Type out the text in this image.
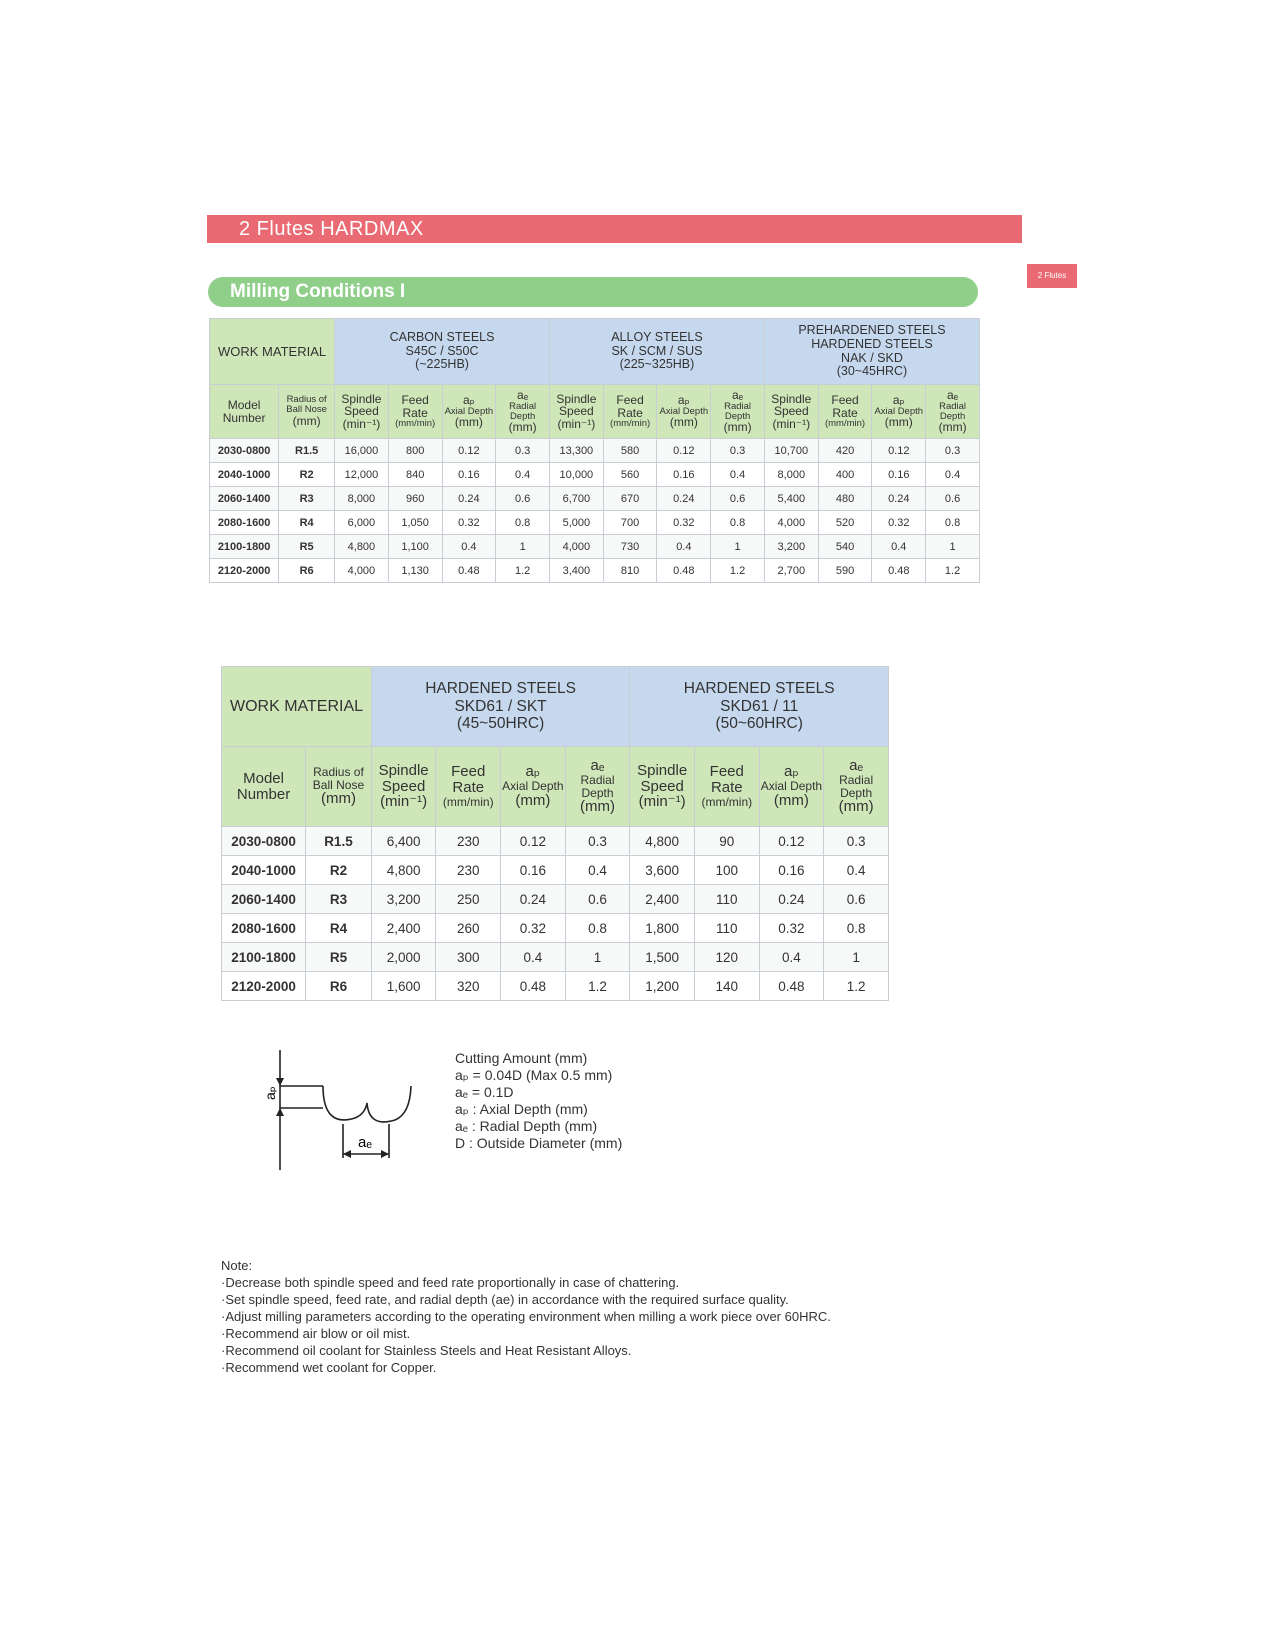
2 Flutes HARDMAX
2 Flutes
Milling Conditions I
WORK MATERIAL		CARBON STEELS
S45C / S50C
(~225HB)				ALLOY STEELS
SK / SCM / SUS
(225~325HB)				PREHARDENED STEELS
HARDENED STEELS
NAK / SKD
(30~45HRC)			

Model
Number	Radius of
Ball Nose
(mm)	Spindle
Speed
(min⁻¹)	Feed
Rate
(mm/min)	aₚ
Axial Depth
(mm)	aₑ
Radial Depth
(mm)	Spindle
Speed
(min⁻¹)	Feed
Rate
(mm/min)	aₚ
Axial Depth
(mm)	aₑ
Radial Depth
(mm)	Spindle
Speed
(min⁻¹)	Feed
Rate
(mm/min)	aₚ
Axial Depth
(mm)	aₑ
Radial Depth
(mm)

2030-0800	R1.5	16,000	800	0.12	0.3	13,300	580	0.12	0.3	10,700	420	0.12	0.3
2040-1000	R2	12,000	840	0.16	0.4	10,000	560	0.16	0.4	8,000	400	0.16	0.4
2060-1400	R3	8,000	960	0.24	0.6	6,700	670	0.24	0.6	5,400	480	0.24	0.6
2080-1600	R4	6,000	1,050	0.32	0.8	5,000	700	0.32	0.8	4,000	520	0.32	0.8
2100-1800	R5	4,800	1,100	0.4	1	4,000	730	0.4	1	3,200	540	0.4	1
2120-2000	R6	4,000	1,130	0.48	1.2	3,400	810	0.48	1.2	2,700	590	0.48	1.2
WORK MATERIAL		HARDENED STEELS
SKD61 / SKT
(45~50HRC)				HARDENED STEELS
SKD61 / 11
(50~60HRC)			

Model
Number	Radius of
Ball Nose
(mm)	Spindle
Speed
(min⁻¹)	Feed
Rate
(mm/min)	aₚ
Axial Depth
(mm)	aₑ
Radial Depth
(mm)	Spindle
Speed
(min⁻¹)	Feed
Rate
(mm/min)	aₚ
Axial Depth
(mm)	aₑ
Radial Depth
(mm)

2030-0800	R1.5	6,400	230	0.12	0.3	4,800	90	0.12	0.3
2040-1000	R2	4,800	230	0.16	0.4	3,600	100	0.16	0.4
2060-1400	R3	3,200	250	0.24	0.6	2,400	110	0.24	0.6
2080-1600	R4	2,400	260	0.32	0.8	1,800	110	0.32	0.8
2100-1800	R5	2,000	300	0.4	1	1,500	120	0.4	1
2120-2000	R6	1,600	320	0.48	1.2	1,200	140	0.48	1.2
aₚ
aₑ
Cutting Amount (mm)
aₚ = 0.04D (Max 0.5 mm)
aₑ = 0.1D
aₚ : Axial Depth (mm)
aₑ : Radial Depth (mm)
D : Outside Diameter (mm)
Note:
·Decrease both spindle speed and feed rate proportionally in case of chattering.
·Set spindle speed, feed rate, and radial depth (ae) in accordance with the required surface quality.
·Adjust milling parameters according to the operating environment when milling a work piece over 60HRC.
·Recommend air blow or oil mist.
·Recommend oil coolant for Stainless Steels and Heat Resistant Alloys.
·Recommend wet coolant for Copper.
